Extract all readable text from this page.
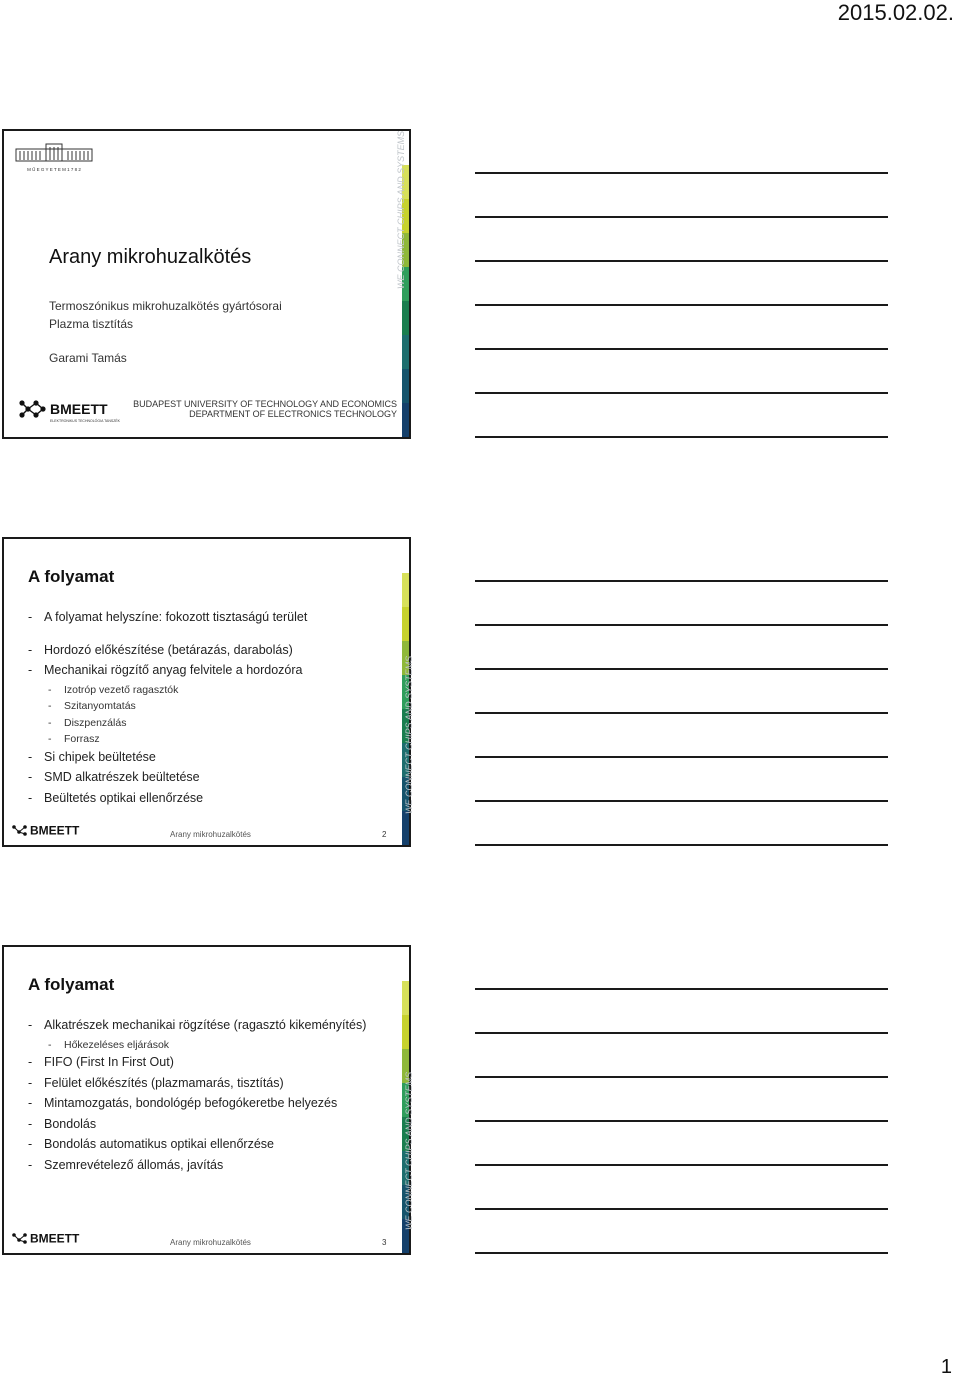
2015.02.02.
M Ű E G Y E T E M 1 7 8 2	WE CONNECT CHIPS AND SYSTEMS
Arany mikrohuzalkötés
Termoszónikus mikrohuzalkötés gyártósorai
Plazma tisztítás
Garami Tamás
BMEETT
ELEKTRONIKUS TECHNOLÓGIA TANSZÉK
BUDAPEST UNIVERSITY OF TECHNOLOGY AND ECONOMICS
DEPARTMENT OF ELECTRONICS TECHNOLOGY
WE CONNECT CHIPS AND SYSTEMS
A folyamat
- A folyamat helyszíne: fokozott tisztaságú terület
- Hordozó előkészítése (betárazás, darabolás)
- Mechanikai rögzítő anyag felvitele a hordozóra
- Izotróp vezető ragasztók
- Szitanyomtatás
- Diszpenzálás
- Forrasz
- Si chipek beültetése
- SMD alkatrészek beültetése
- Beültetés optikai ellenőrzése
BMEETT	Arany mikrohuzalkötés	2
WE CONNECT CHIPS AND SYSTEMS
A folyamat
- Alkatrészek mechanikai rögzítése (ragasztó kikeményítés)
- Hőkezeléses eljárások
- FIFO (First In First Out)
- Felület előkészítés (plazmamarás, tisztítás)
- Mintamozgatás, bondológép befogókeretbe helyezés
- Bondolás
- Bondolás automatikus optikai ellenőrzése
- Szemrevételező állomás, javítás
BMEETT	Arany mikrohuzalkötés	3
1
